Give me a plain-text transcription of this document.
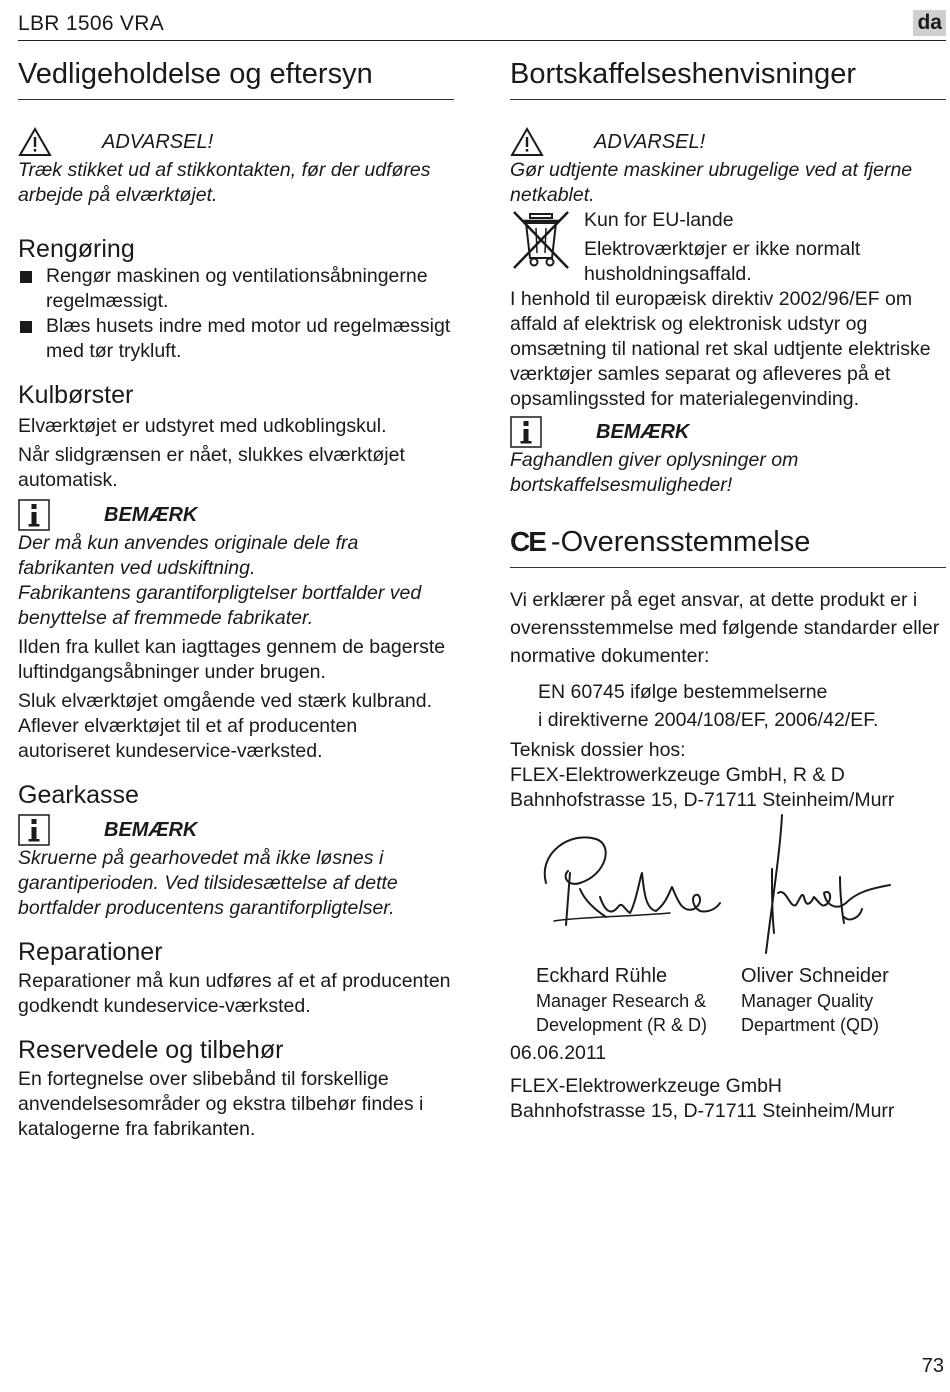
LBR 1506 VRA	da
Vedligeholdelse og eftersyn
ADVARSEL!

Træk stikket ud af stikkontakten, før der udføres arbejde på elværktøjet.

Rengøring
Rengør maskinen og ventilationsåbningerne regelmæssigt.
Blæs husets indre med motor ud regelmæssigt med tør trykluft.
Kulbørster

Elværktøjet er udstyret med udkoblingskul.

Når slidgrænsen er nået, slukkes elværktøjet automatisk.

BEMÆRK

Der må kun anvendes originale dele fra fabrikanten ved udskiftning.

Fabrikantens garantiforpligtelser bortfalder ved benyttelse af fremmede fabrikater.

Ilden fra kullet kan iagttages gennem de bagerste luftindgangsåbninger under brugen.

Sluk elværktøjet omgående ved stærk kulbrand. Aflever elværktøjet til et af producenten autoriseret kundeservice-værksted.

Gearkasse
BEMÆRK

Skruerne på gearhovedet må ikke løsnes i garantiperioden. Ved tilsidesættelse af dette bortfalder producentens garantiforpligtelser.

Reparationer

Reparationer må kun udføres af et af producenten godkendt kundeservice-værksted.

Reservedele og tilbehør

En fortegnelse over slibebånd til forskellige anvendelsesområder og ekstra tilbehør findes i katalogerne fra fabrikanten.

Bortskaffelseshenvisninger
ADVARSEL!

Gør udtjente maskiner ubrugelige ved at fjerne netkablet.

Kun for EU-lande

Elektroværktøjer er ikke normalt husholdningsaffald.

I henhold til europæisk direktiv 2002/96/EF om affald af elektrisk og elektronisk udstyr og omsætning til national ret skal udtjente elektriske værktøjer samles separat og afleveres på et opsamlingssted for materialegenvinding.

BEMÆRK

Faghandlen giver oplysninger om bortskaffelsesmuligheder!

CE -Overensstemmelse

Vi erklærer på eget ansvar, at dette produkt er i overensstemmelse med følgende standarder eller normative dokumenter:

EN 60745 ifølge bestemmelserne

i direktiverne 2004/108/EF, 2006/42/EF.

Teknisk dossier hos:

FLEX-Elektrowerkzeuge GmbH, R & D

Bahnhofstrasse 15, D-71711 Steinheim/Murr

Eckhard Rühle
Manager Research &
Development (R & D)
Oliver Schneider
Manager Quality
Department (QD)

06.06.2011

FLEX-Elektrowerkzeuge GmbH

Bahnhofstrasse 15, D-71711 Steinheim/Murr

73
